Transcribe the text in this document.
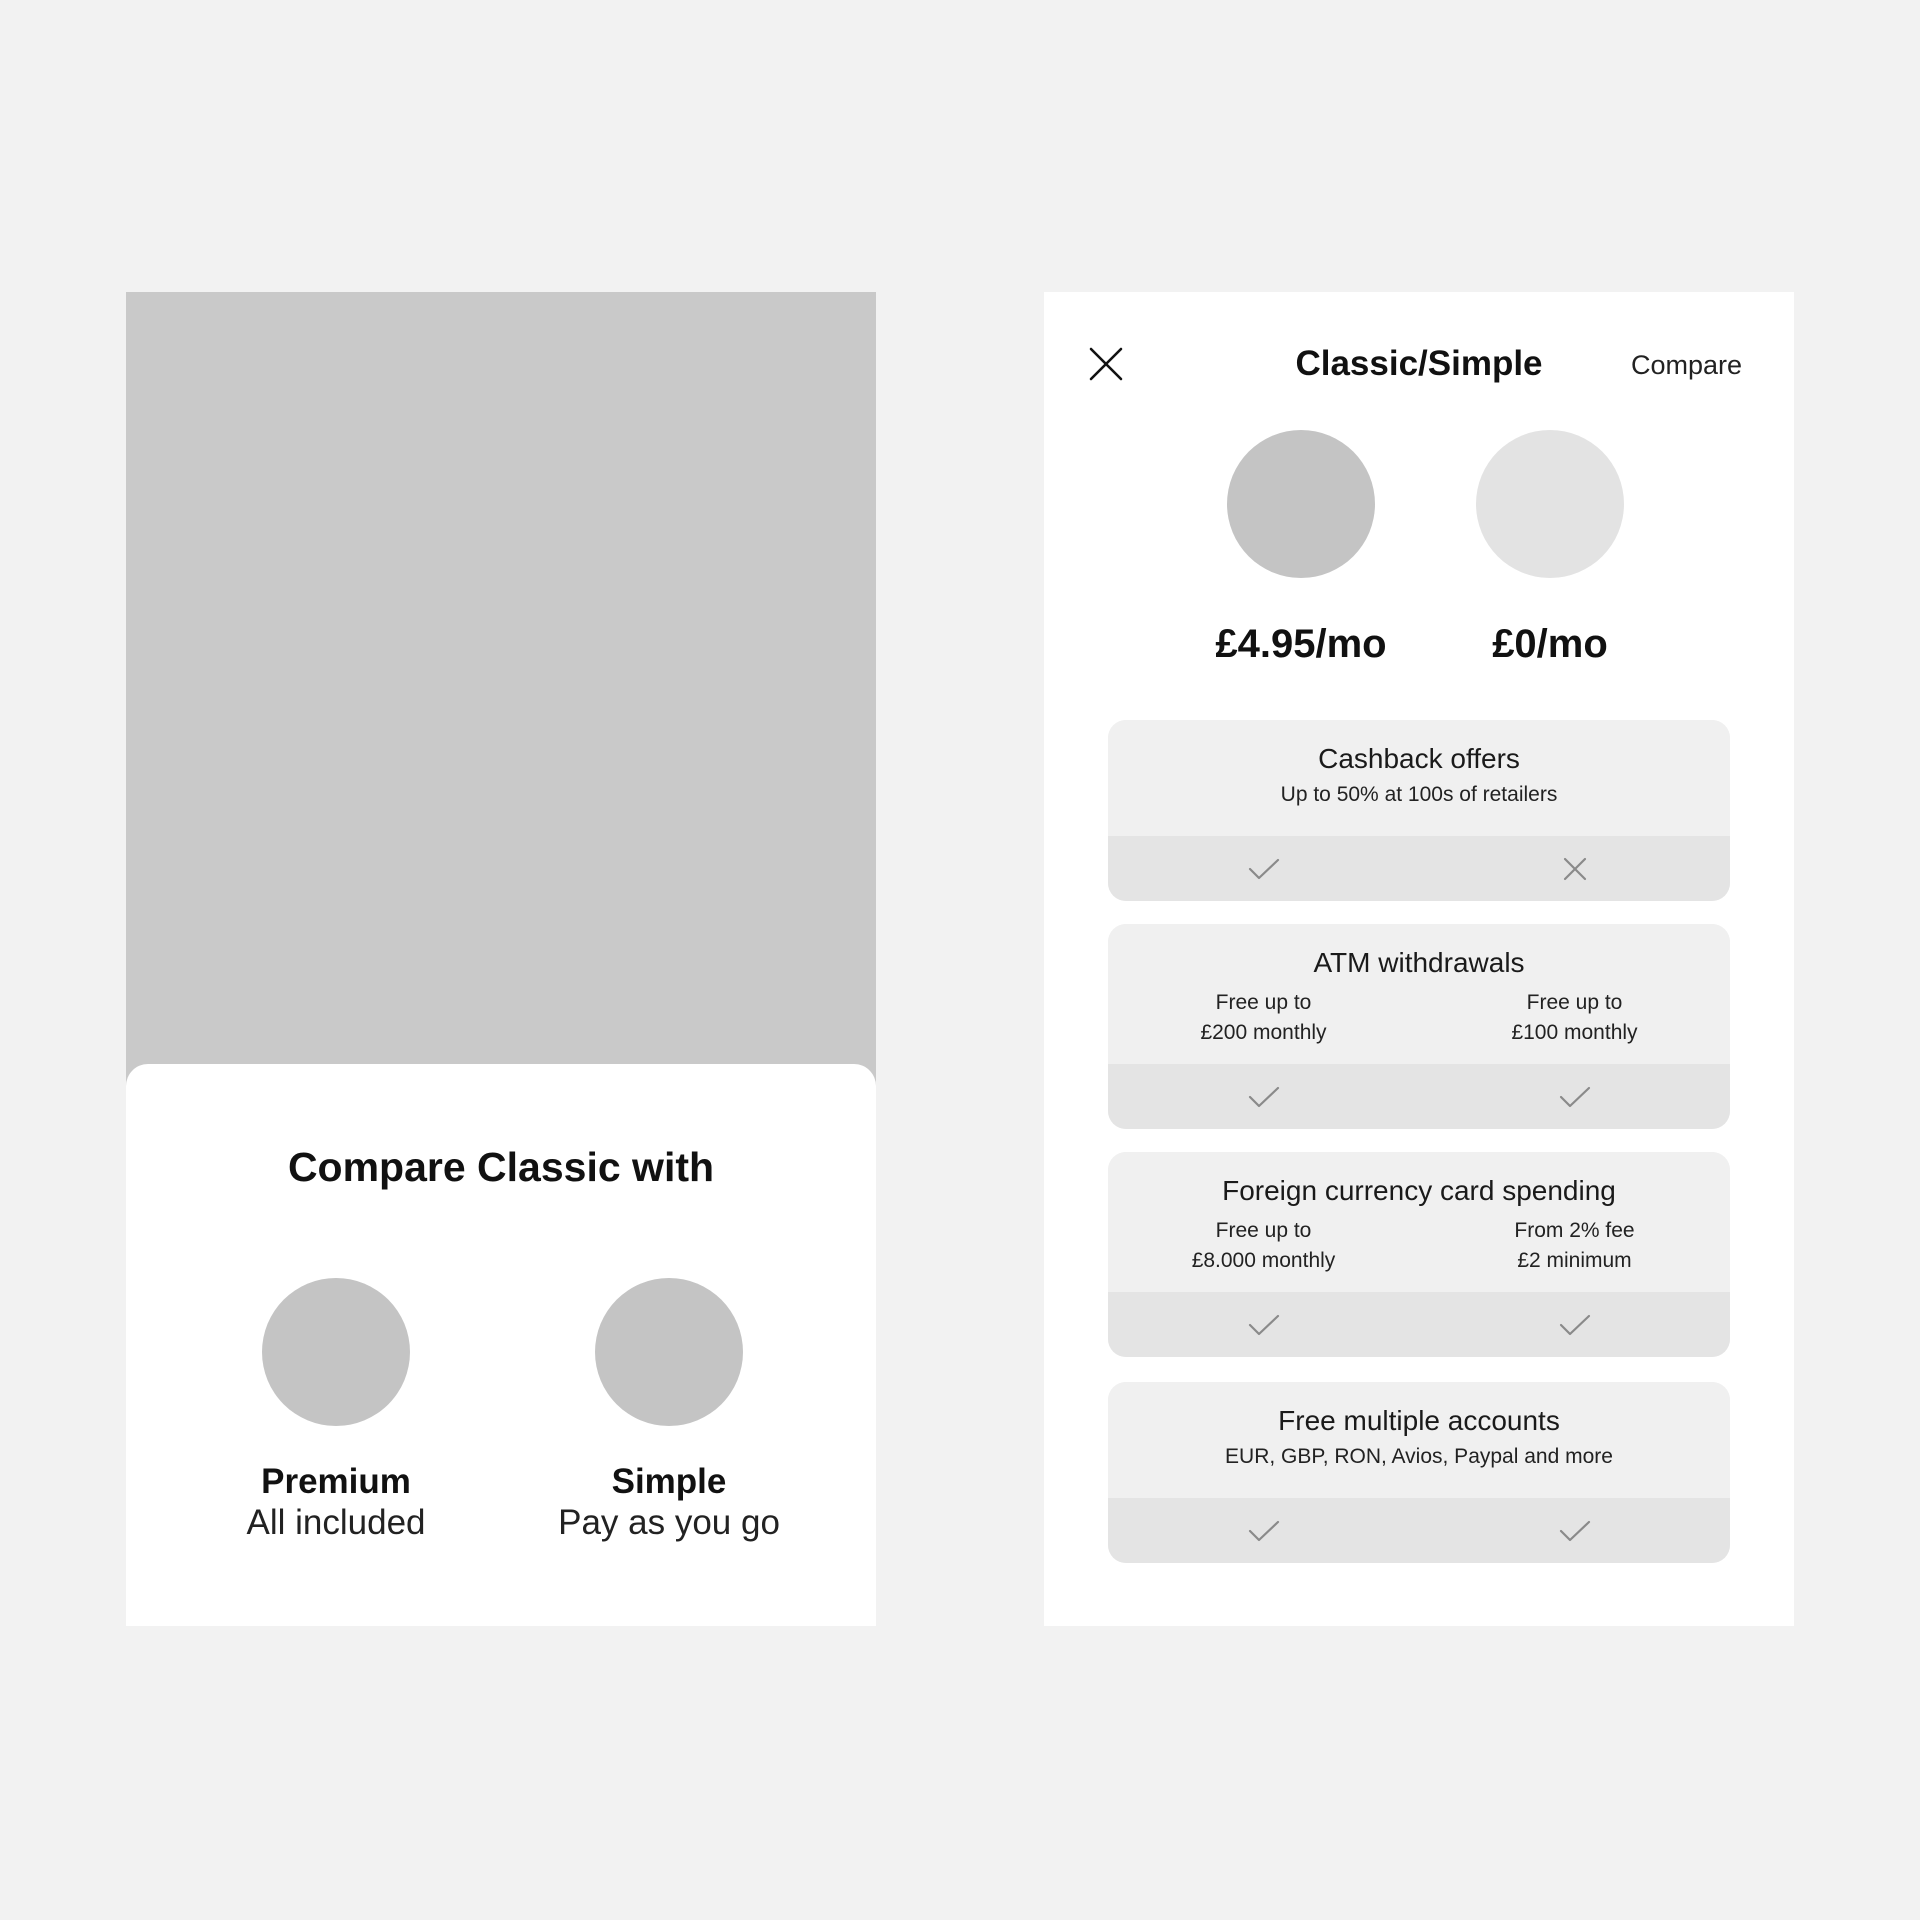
Compare Classic with
Premium
All included
Simple
Pay as you go
Classic/Simple	Compare
£4.95/mo	£0/mo
Cashback offers
Up to 50% at 100s of retailers
ATM withdrawals
Free up to
£200 monthly
Free up to
£100 monthly
Foreign currency card spending
Free up to
£8.000 monthly
From 2% fee
£2 minimum
Free multiple accounts
EUR, GBP, RON, Avios, Paypal and more
